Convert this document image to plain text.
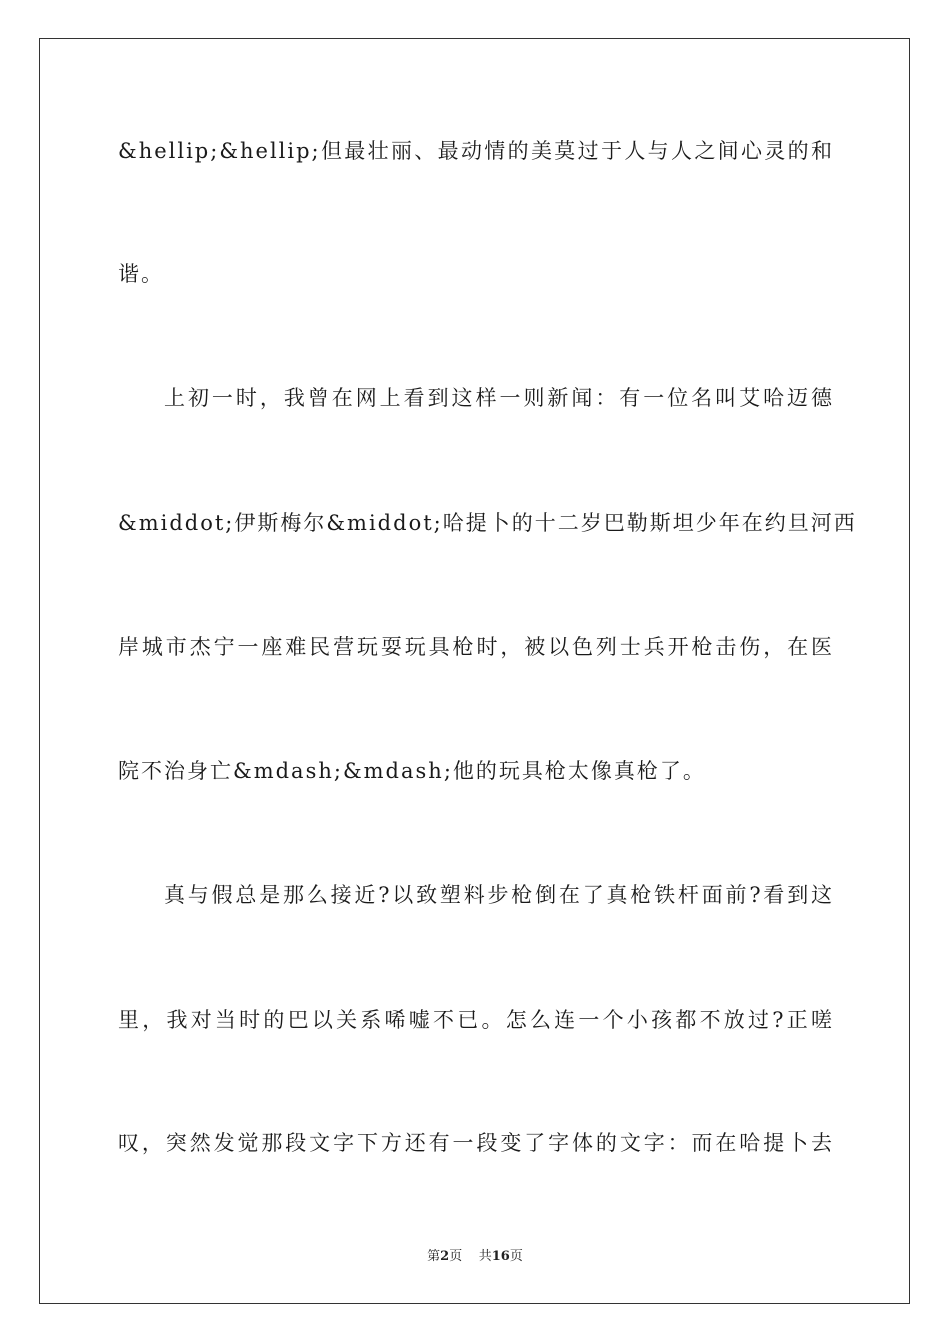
&hellip;&hellip;但最壮丽、最动情的美莫过于人与人之间心灵的和
谐。
上初一时，我曾在网上看到这样一则新闻：有一位名叫艾哈迈德
&middot;伊斯梅尔&middot;哈提卜的十二岁巴勒斯坦少年在约旦河西
岸城市杰宁一座难民营玩耍玩具枪时，被以色列士兵开枪击伤，在医
院不治身亡&mdash;&mdash;他的玩具枪太像真枪了。
真与假总是那么接近?以致塑料步枪倒在了真枪铁杆面前?看到这
里，我对当时的巴以关系唏嘘不已。怎么连一个小孩都不放过?正嗟
叹，突然发觉那段文字下方还有一段变了字体的文字：而在哈提卜去
第2页 共16页
